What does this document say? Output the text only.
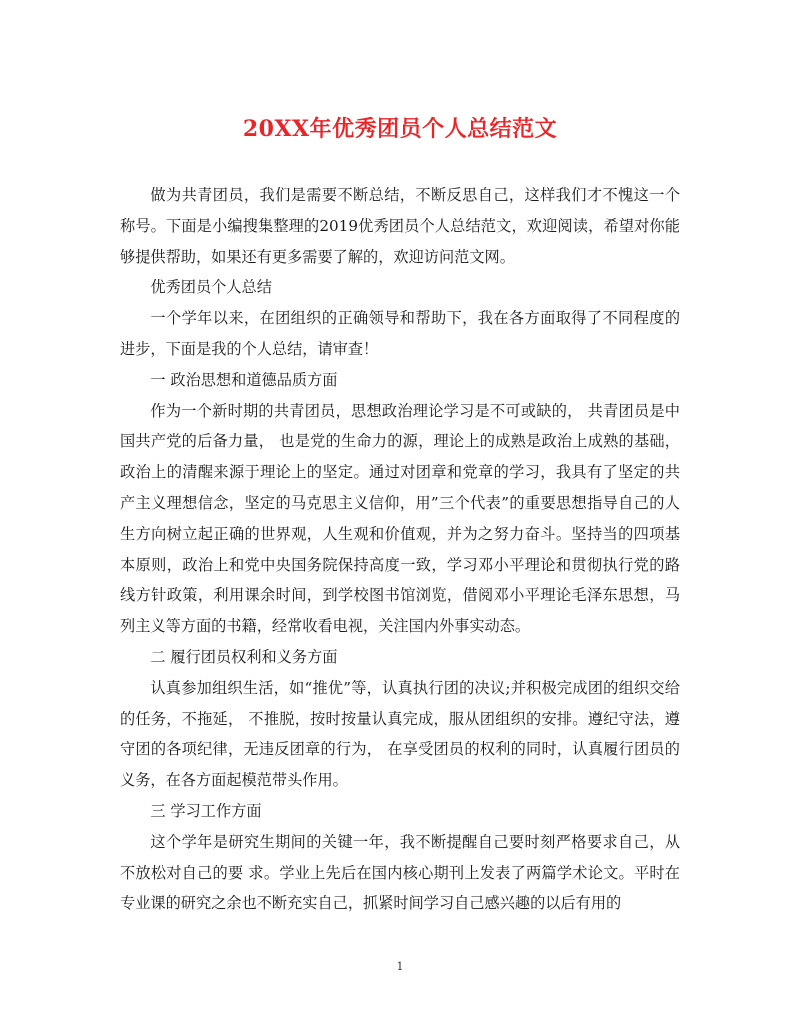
20XX年优秀团员个人总结范文

做为共青团员，我们是需要不断总结，不断反思自己，这样我们才不愧这一个称号。下面是小编搜集整理的2019优秀团员个人总结范文，欢迎阅读，希望对你能够提供帮助，如果还有更多需要了解的，欢迎访问范文网。

优秀团员个人总结

一个学年以来，在团组织的正确领导和帮助下，我在各方面取得了不同程度的进步，下面是我的个人总结，请审查！

一 政治思想和道德品质方面

作为一个新时期的共青团员，思想政治理论学习是不可或缺的， 共青团员是中国共产党的后备力量， 也是党的生命力的源，理论上的成熟是政治上成熟的基础，政治上的清醒来源于理论上的坚定。通过对团章和党章的学习，我具有了坚定的共产主义理想信念，坚定的马克思主义信仰，用”三个代表”的重要思想指导自己的人生方向树立起正确的世界观，人生观和价值观，并为之努力奋斗。坚持当的四项基本原则，政治上和党中央国务院保持高度一致，学习邓小平理论和贯彻执行党的路线方针政策，利用课余时间，到学校图书馆浏览，借阅邓小平理论毛泽东思想，马列主义等方面的书籍，经常收看电视，关注国内外事实动态。

二 履行团员权利和义务方面

认真参加组织生活，如“推优”等，认真执行团的决议;并积极完成团的组织交给的任务，不拖延， 不推脱，按时按量认真完成，服从团组织的安排。遵纪守法，遵守团的各项纪律，无违反团章的行为， 在享受团员的权利的同时，认真履行团员的义务，在各方面起模范带头作用。

三 学习工作方面

这个学年是研究生期间的关键一年，我不断提醒自己要时刻严格要求自己，从不放松对自己的要 求。学业上先后在国内核心期刊上发表了两篇学术论文。平时在专业课的研究之余也不断充实自己，抓紧时间学习自己感兴趣的以后有用的

1
